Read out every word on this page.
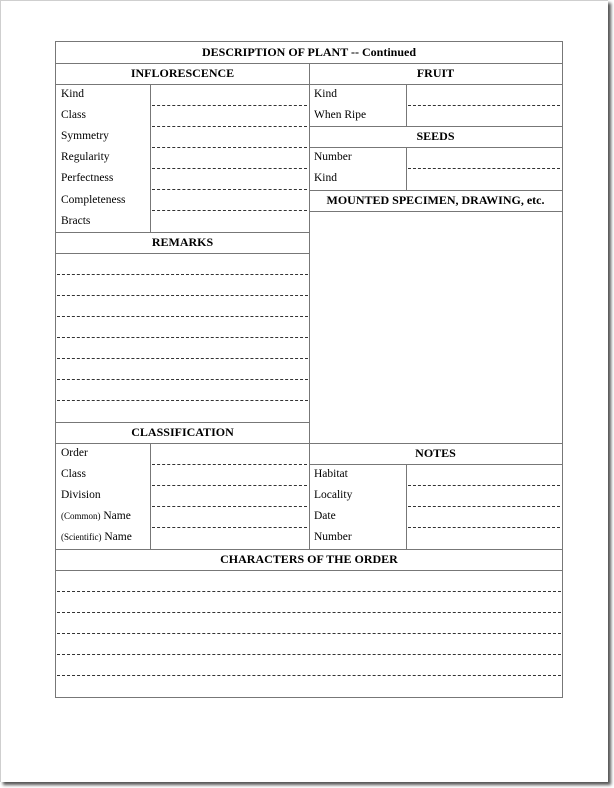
DESCRIPTION OF PLANT -- Continued
INFLORESCENCE	FRUIT
SEEDS
MOUNTED SPECIMEN, DRAWING, etc.
REMARKS
CLASSIFICATION
NOTES
CHARACTERS OF THE ORDER
Kind
Class
Symmetry
Regularity
Perfectness
Completeness
Bracts
Kind
When Ripe
Number
Kind
Order
Class
Division
(Common) Name
(Scientific) Name
Habitat
Locality
Date
Number
